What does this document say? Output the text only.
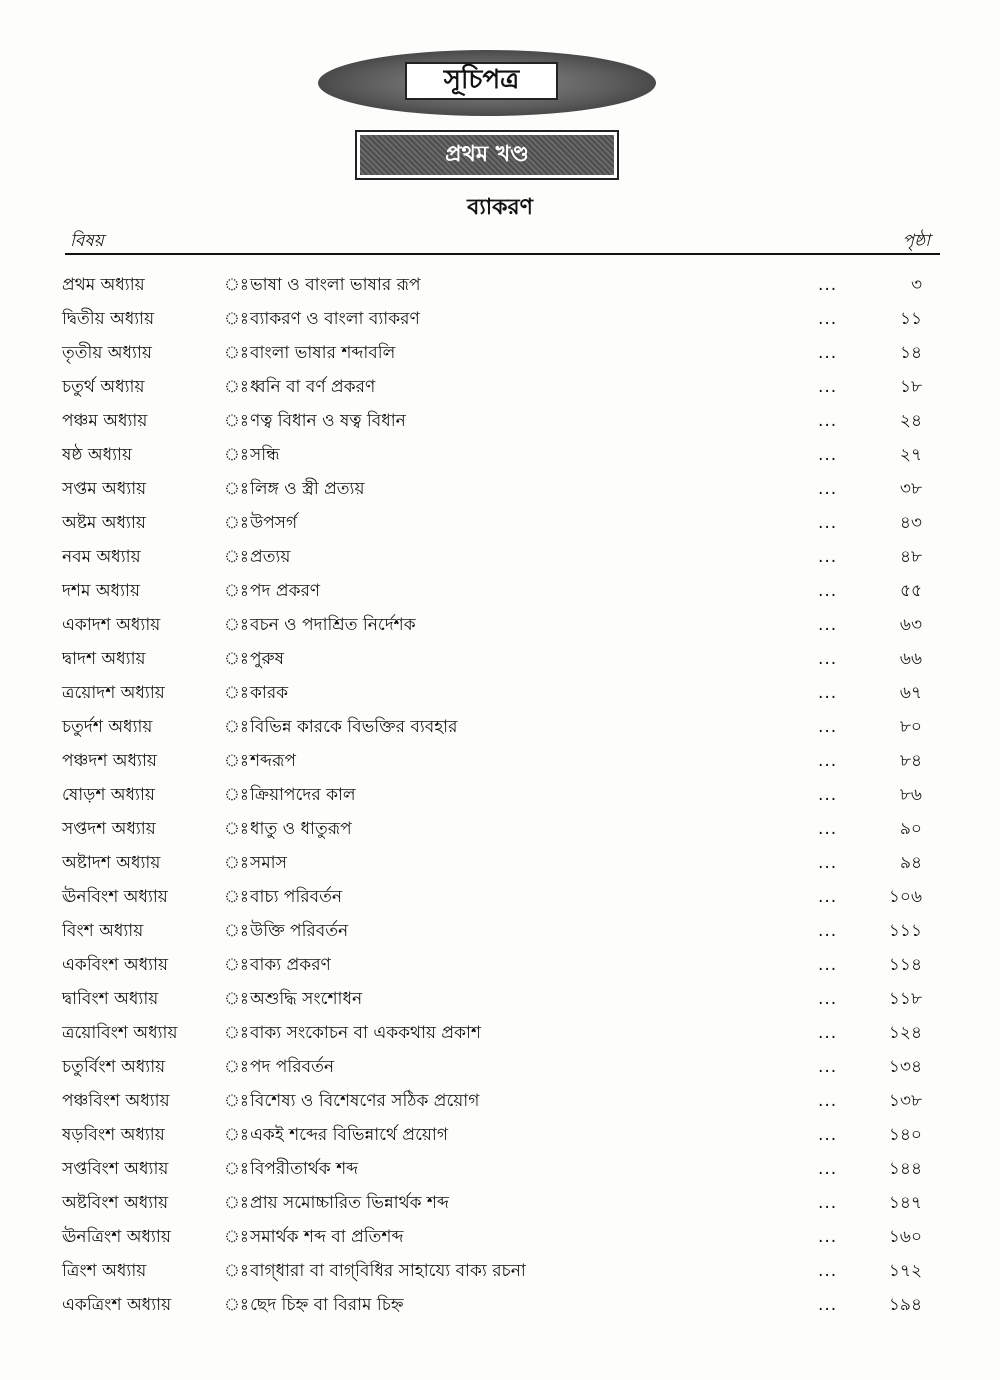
সূচিপত্র
প্রথম খণ্ড
ব্যাকরণ
বিষয়	পৃষ্ঠা
প্রথম অধ্যায়	ঃ ভাষা ও বাংলা ভাষার রূপ	...	৩
দ্বিতীয় অধ্যায়	ঃ ব্যাকরণ ও বাংলা ব্যাকরণ	...	১১
তৃতীয় অধ্যায়	ঃ বাংলা ভাষার শব্দাবলি	...	১৪
চতুর্থ অধ্যায়	ঃ ধ্বনি বা বর্ণ প্রকরণ	...	১৮
পঞ্চম অধ্যায়	ঃ ণত্ব বিধান ও ষত্ব বিধান	...	২৪
ষষ্ঠ অধ্যায়	ঃ সন্ধি	...	২৭
সপ্তম অধ্যায়	ঃ লিঙ্গ ও স্ত্রী প্রত্যয়	...	৩৮
অষ্টম অধ্যায়	ঃ উপসর্গ	...	৪৩
নবম অধ্যায়	ঃ প্রত্যয়	...	৪৮
দশম অধ্যায়	ঃ পদ প্রকরণ	...	৫৫
একাদশ অধ্যায়	ঃ বচন ও পদাশ্রিত নির্দেশক	...	৬৩
দ্বাদশ অধ্যায়	ঃ পুরুষ	...	৬৬
ত্রয়োদশ অধ্যায়	ঃ কারক	...	৬৭
চতুর্দশ অধ্যায়	ঃ বিভিন্ন কারকে বিভক্তির ব্যবহার	...	৮০
পঞ্চদশ অধ্যায়	ঃ শব্দরূপ	...	৮৪
ষোড়শ অধ্যায়	ঃ ক্রিয়াপদের কাল	...	৮৬
সপ্তদশ অধ্যায়	ঃ ধাতু ও ধাতুরূপ	...	৯০
অষ্টাদশ অধ্যায়	ঃ সমাস	...	৯৪
ঊনবিংশ অধ্যায়	ঃ বাচ্য পরিবর্তন	...	১০৬
বিংশ অধ্যায়	ঃ উক্তি পরিবর্তন	...	১১১
একবিংশ অধ্যায়	ঃ বাক্য প্রকরণ	...	১১৪
দ্বাবিংশ অধ্যায়	ঃ অশুদ্ধি সংশোধন	...	১১৮
ত্রয়োবিংশ অধ্যায়	ঃ বাক্য সংকোচন বা এককথায় প্রকাশ	...	১২৪
চতুর্বিংশ অধ্যায়	ঃ পদ পরিবর্তন	...	১৩৪
পঞ্চবিংশ অধ্যায়	ঃ বিশেষ্য ও বিশেষণের সঠিক প্রয়োগ	...	১৩৮
ষড়বিংশ অধ্যায়	ঃ একই শব্দের বিভিন্নার্থে প্রয়োগ	...	১৪০
সপ্তবিংশ অধ্যায়	ঃ বিপরীতার্থক শব্দ	...	১৪৪
অষ্টবিংশ অধ্যায়	ঃ প্রায় সমোচ্চারিত ভিন্নার্থক শব্দ	...	১৪৭
ঊনত্রিংশ অধ্যায়	ঃ সমার্থক শব্দ বা প্রতিশব্দ	...	১৬০
ত্রিংশ অধ্যায়	ঃ বাগ্‌ধারা বা বাগ্‌বিধির সাহায্যে বাক্য রচনা	...	১৭২
একত্রিংশ অধ্যায়	ঃ ছেদ চিহ্ন বা বিরাম চিহ্ন	...	১৯৪
